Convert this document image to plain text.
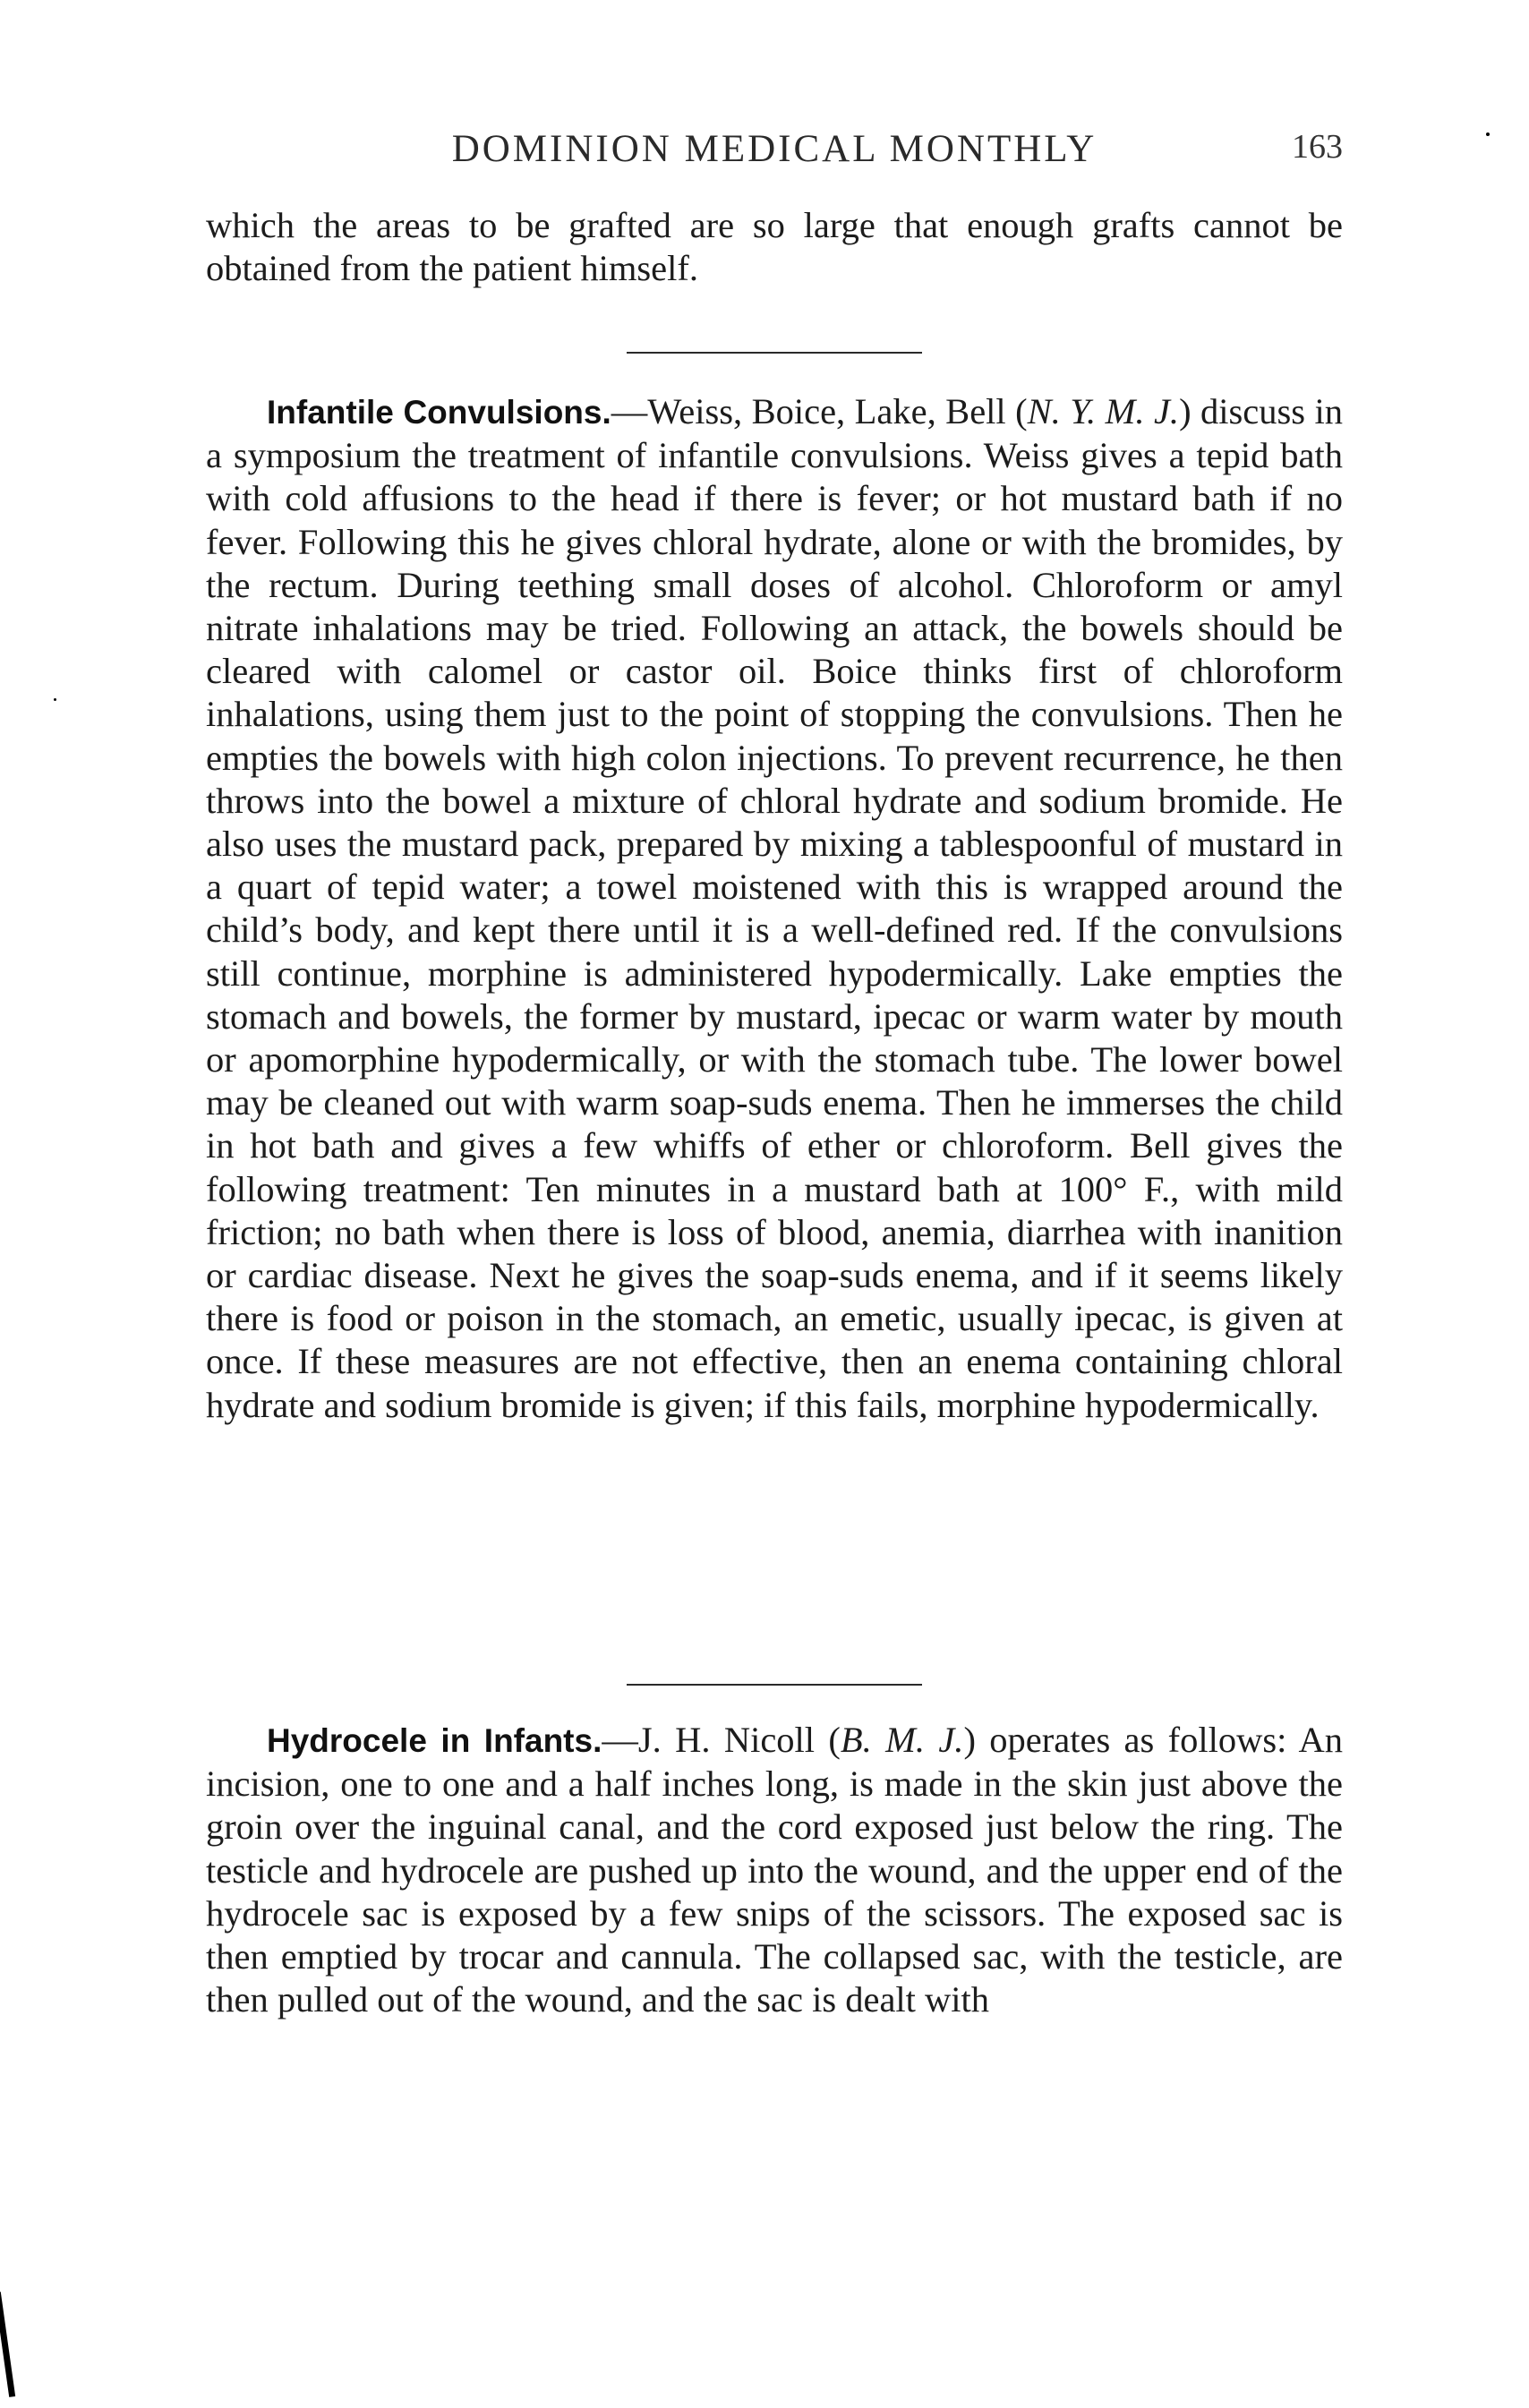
DOMINION MEDICAL MONTHLY	163

which the areas to be grafted are so large that enough grafts cannot be obtained from the patient himself.

Infantile Convulsions.—Weiss, Boice, Lake, Bell (N. Y. M. J.) discuss in a symposium the treatment of infantile convulsions. Weiss gives a tepid bath with cold affusions to the head if there is fever; or hot mustard bath if no fever. Following this he gives chloral hydrate, alone or with the bromides, by the rectum. During teething small doses of alcohol. Chloroform or amyl nitrate inhalations may be tried. Following an attack, the bowels should be cleared with calomel or castor oil. Boice thinks first of chloroform inhalations, using them just to the point of stopping the convulsions. Then he empties the bowels with high colon injections. To prevent recurrence, he then throws into the bowel a mixture of chloral hydrate and sodium bromide. He also uses the mustard pack, prepared by mixing a tablespoonful of mustard in a quart of tepid water; a towel moistened with this is wrapped around the child’s body, and kept there until it is a well-defined red. If the convulsions still continue, morphine is administered hypodermically. Lake empties the stomach and bowels, the former by mustard, ipecac or warm water by mouth or apomorphine hypodermically, or with the stomach tube. The lower bowel may be cleaned out with warm soap-suds enema. Then he immerses the child in hot bath and gives a few whiffs of ether or chloroform. Bell gives the following treatment: Ten minutes in a mustard bath at 100° F., with mild friction; no bath when there is loss of blood, anemia, diarrhea with inanition or cardiac disease. Next he gives the soap-suds enema, and if it seems likely there is food or poison in the stomach, an emetic, usually ipecac, is given at once. If these measures are not effective, then an enema containing chloral hydrate and sodium bromide is given; if this fails, morphine hypodermically.

Hydrocele in Infants.—J. H. Nicoll (B. M. J.) operates as follows: An incision, one to one and a half inches long, is made in the skin just above the groin over the inguinal canal, and the cord exposed just below the ring. The testicle and hydrocele are pushed up into the wound, and the upper end of the hydrocele sac is exposed by a few snips of the scissors. The exposed sac is then emptied by trocar and cannula. The collapsed sac, with the testicle, are then pulled out of the wound, and the sac is dealt with
